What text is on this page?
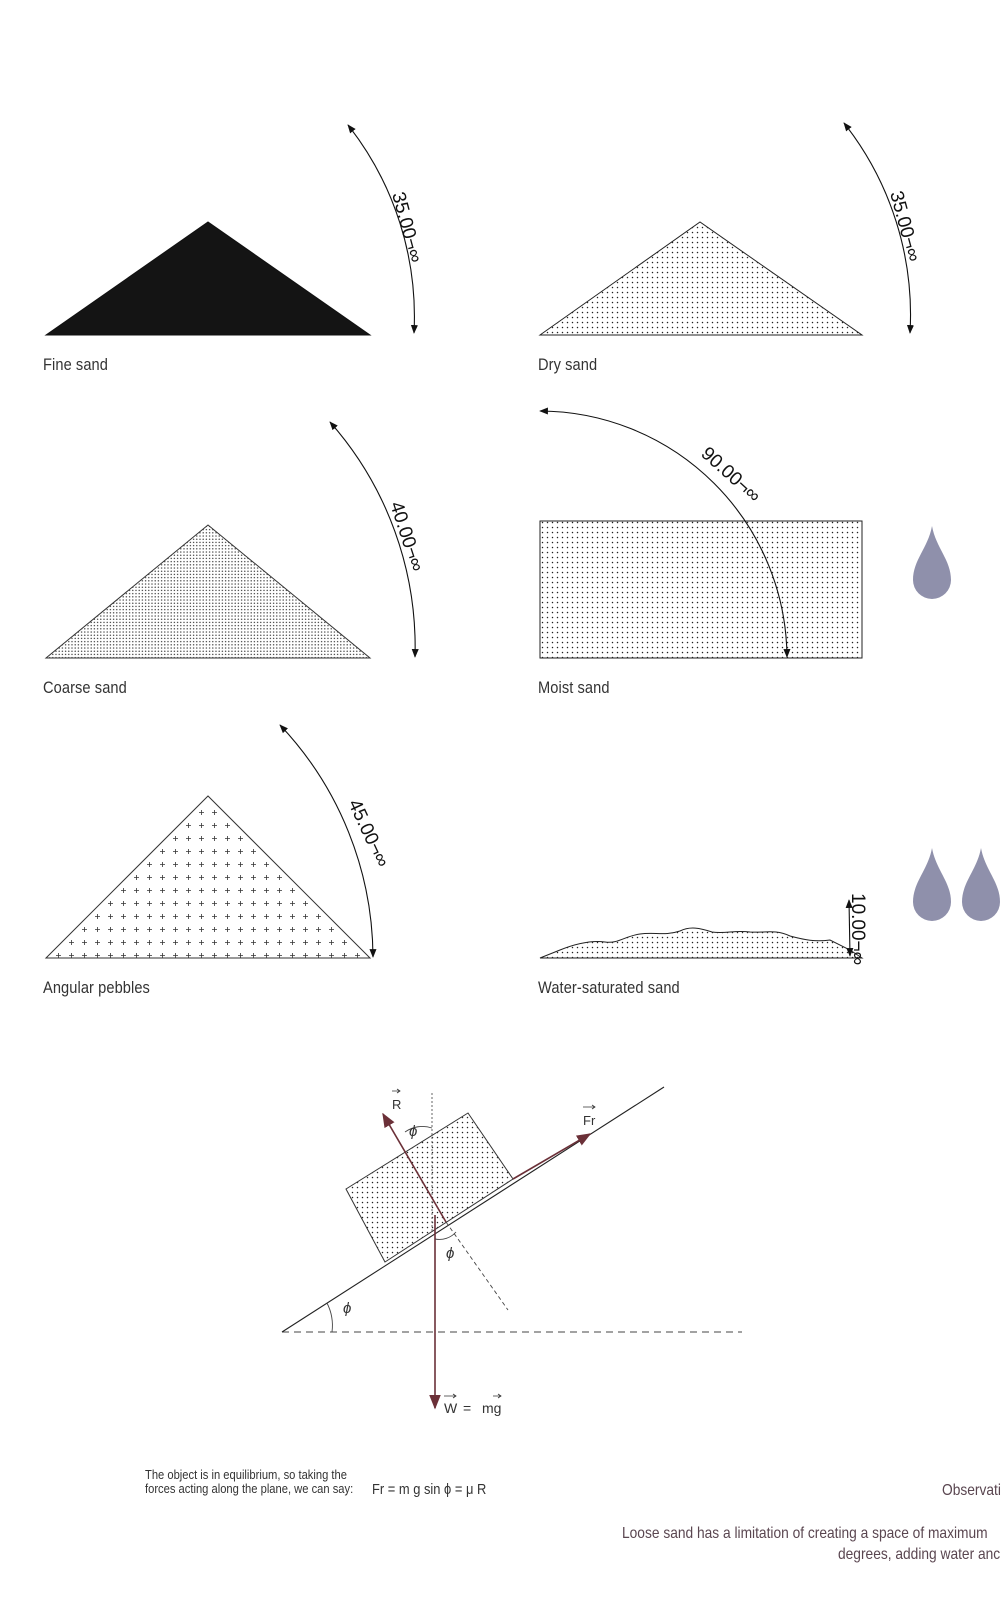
35.00¬∞	35.00¬∞
40.00¬∞
90.00¬∞
45.00¬∞
10.00¬∞
ϕ
ϕ
ϕ
R
Fr
W = mg
Fine sand	Dry sand
Coarse sand	Moist sand
Angular pebbles	Water-saturated sand
The object is in equilibrium, so taking the
forces acting along the plane, we can say: Fr = m g sin ϕ = μ R	Observati
Loose sand has a limitation of creating a space of maximum
degrees, adding water anc
